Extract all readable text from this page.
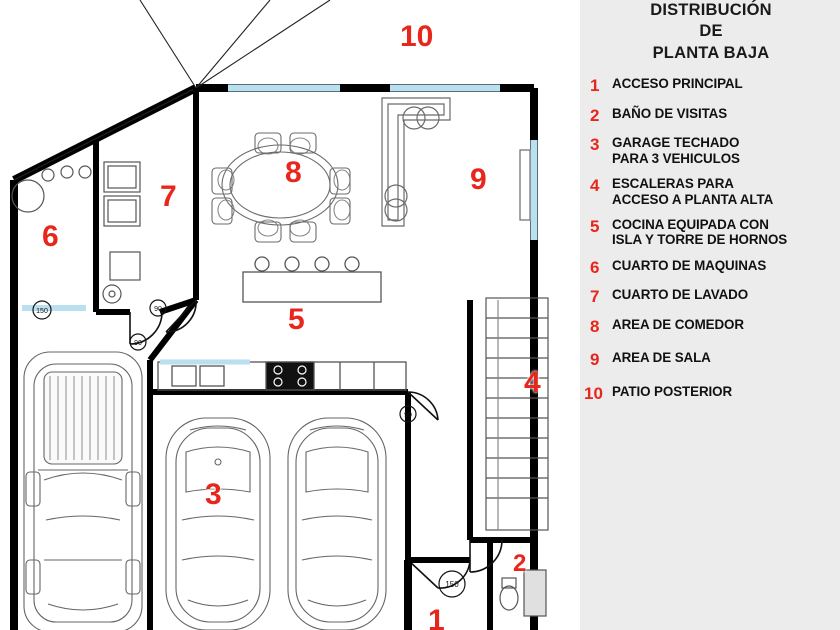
150	90
90
90
150
10
6
7
8	9
5
4
3
2
1
DISTRIBUCIÓN
DE
PLANTA BAJA
1 ACCESO PRINCIPAL
2 BAÑO DE VISITAS
3 GARAGE TECHADO
PARA 3 VEHICULOS
4 ESCALERAS PARA
ACCESO A PLANTA ALTA
5 COCINA EQUIPADA CON
ISLA Y TORRE DE HORNOS
6 CUARTO DE MAQUINAS
7 CUARTO DE LAVADO
8 AREA DE COMEDOR
9 AREA DE SALA
10 PATIO POSTERIOR
